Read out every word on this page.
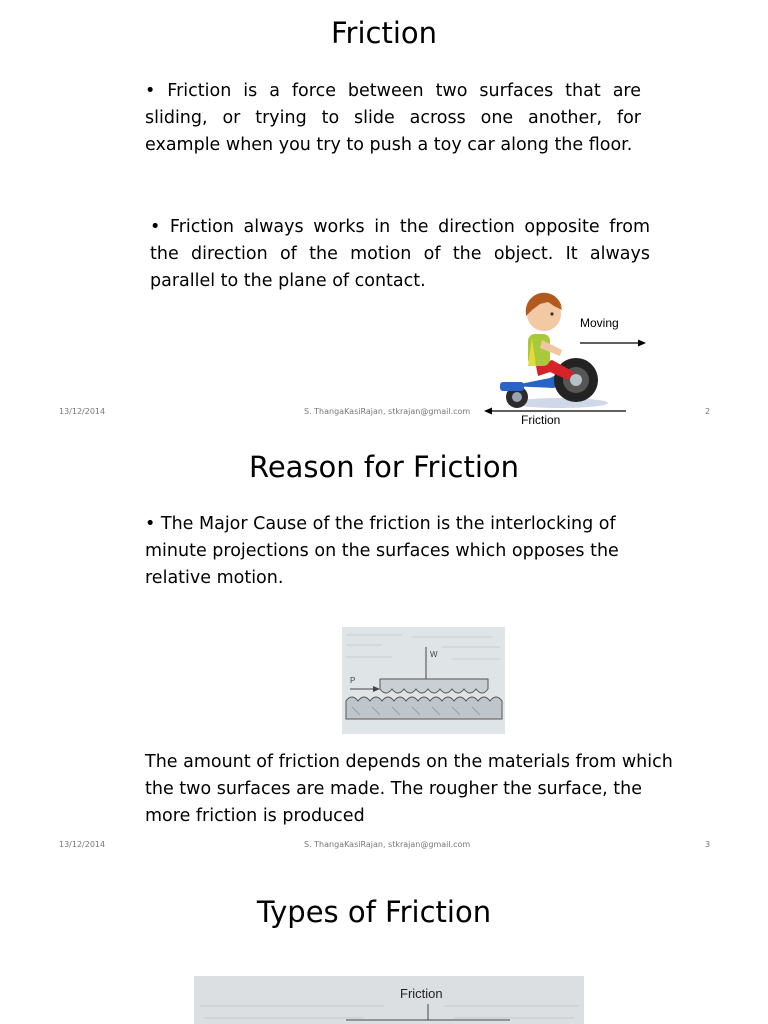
Friction
• Friction is a force between two surfaces that are sliding, or trying to slide across one another, for example when you try to push a toy car along the floor.
• Friction always works in the direction opposite from the direction of the motion of the object. It always parallel to the plane of contact.
Moving
Friction
13/12/2014	S. ThangaKasiRajan, stkrajan@gmail.com	2
Reason for Friction
• The Major Cause of the friction is the interlocking of minute projections on the surfaces which opposes the relative motion.
W
P
The amount of friction depends on the materials from which the two surfaces are made. The rougher the surface, the more friction is produced
13/12/2014	S. ThangaKasiRajan, stkrajan@gmail.com	3
Types of Friction
Friction
